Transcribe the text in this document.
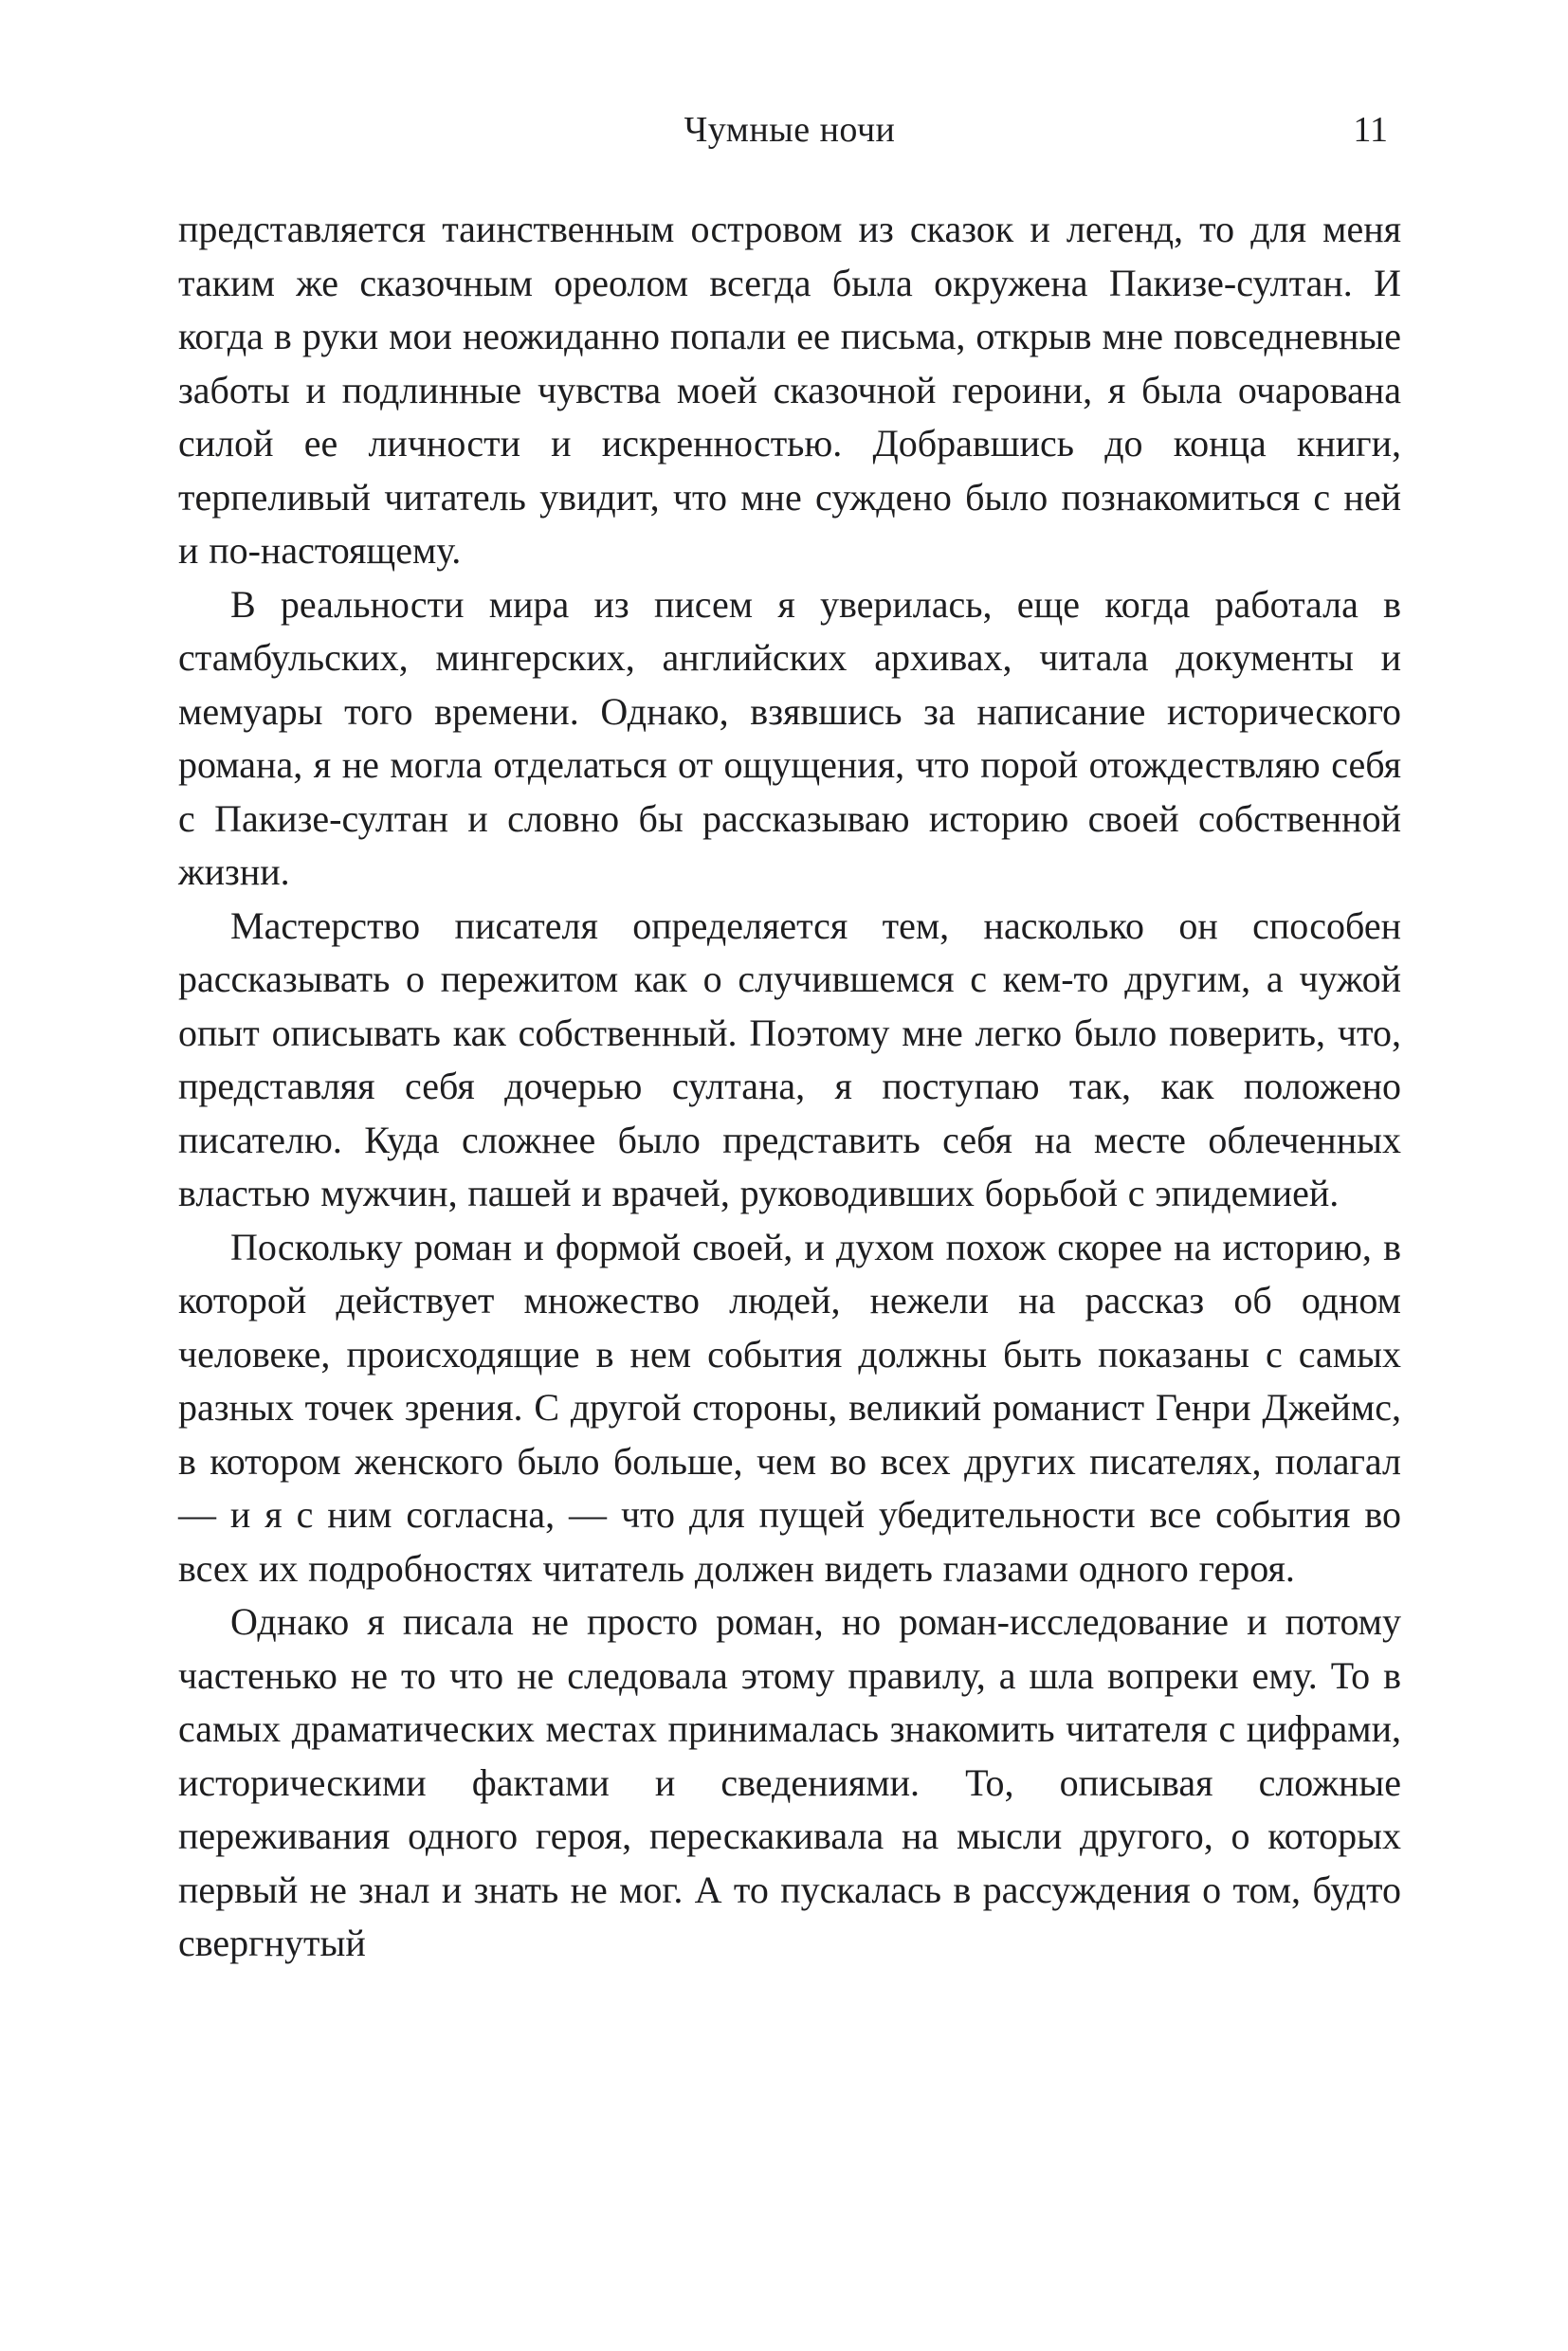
Чумные ночи	11

представляется таинственным островом из сказок и легенд, то для меня таким же сказочным ореолом всегда была окружена Пакизе-султан. И когда в руки мои неожиданно попали ее письма, открыв мне повседневные заботы и подлинные чувства моей сказочной героини, я была очарована силой ее личности и искренностью. Добравшись до конца книги, терпеливый читатель увидит, что мне суждено было познакомиться с ней и по-настоящему.

В реальности мира из писем я уверилась, еще когда работала в стамбульских, мингерских, английских архивах, читала документы и мемуары того времени. Однако, взявшись за написание исторического романа, я не могла отделаться от ощущения, что порой отождествляю себя с Пакизе-султан и словно бы рассказываю историю своей собственной жизни.

Мастерство писателя определяется тем, насколько он способен рассказывать о пережитом как о случившемся с кем-то другим, а чужой опыт описывать как собственный. Поэтому мне легко было поверить, что, представляя себя дочерью султана, я поступаю так, как положено писателю. Куда сложнее было представить себя на месте облеченных властью мужчин, пашей и врачей, руководивших борьбой с эпидемией.

Поскольку роман и формой своей, и духом похож скорее на историю, в которой действует множество людей, нежели на рассказ об одном человеке, происходящие в нем события должны быть показаны с самых разных точек зрения. С другой стороны, великий романист Генри Джеймс, в котором женского было больше, чем во всех других писателях, полагал — и я с ним согласна, — что для пущей убедительности все события во всех их подробностях читатель должен видеть глазами одного героя.

Однако я писала не просто роман, но роман-исследование и потому частенько не то что не следовала этому правилу, а шла вопреки ему. То в самых драматических местах принималась знакомить читателя с цифрами, историческими фактами и сведениями. То, описывая сложные переживания одного героя, перескакивала на мысли другого, о которых первый не знал и знать не мог. А то пускалась в рассуждения о том, будто свергнутый
